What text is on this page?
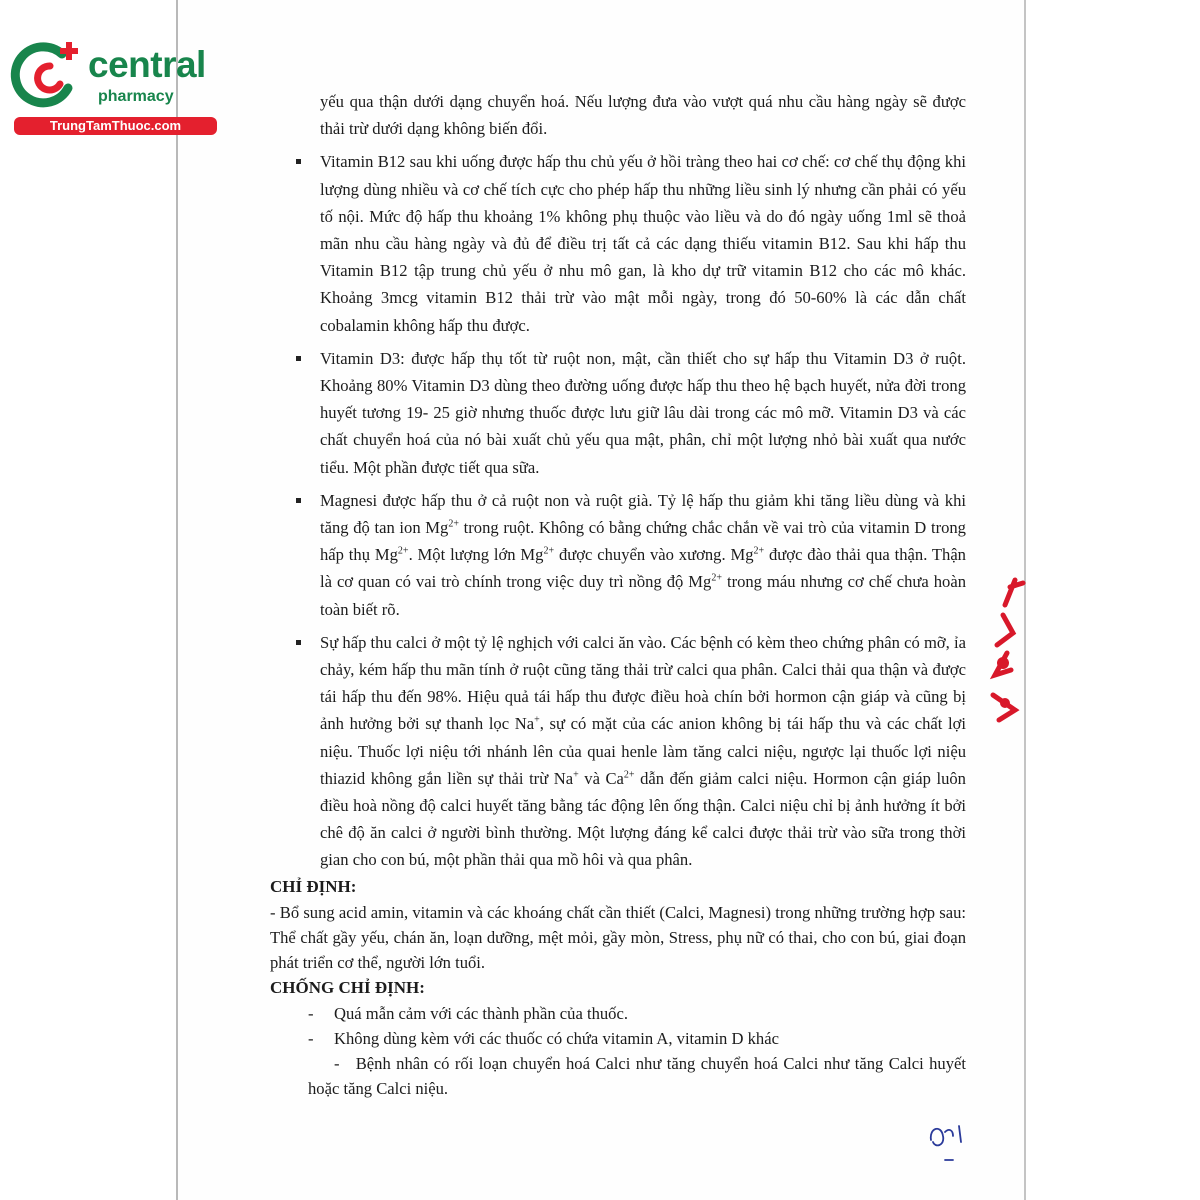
central
pharmacy
TrungTamThuoc.com

yếu qua thận dưới dạng chuyển hoá. Nếu lượng đưa vào vượt quá nhu cầu hàng ngày sẽ được thải trừ dưới dạng không biến đổi.

Vitamin B12 sau khi uống được hấp thu chủ yếu ở hồi tràng theo hai cơ chế: cơ chế thụ động khi lượng dùng nhiều và cơ chế tích cực cho phép hấp thu những liều sinh lý nhưng cần phải có yếu tố nội. Mức độ hấp thu khoảng 1% không phụ thuộc vào liều và do đó ngày uống 1ml sẽ thoả mãn nhu cầu hàng ngày và đủ để điều trị tất cả các dạng thiếu vitamin B12. Sau khi hấp thu Vitamin B12 tập trung chủ yếu ở nhu mô gan, là kho dự trữ vitamin B12 cho các mô khác. Khoảng 3mcg vitamin B12 thải trừ vào mật mỗi ngày, trong đó 50-60% là các dẫn chất cobalamin không hấp thu được.

Vitamin D3: được hấp thụ tốt từ ruột non, mật, cần thiết cho sự hấp thu Vitamin D3 ở ruột. Khoảng 80% Vitamin D3 dùng theo đường uống được hấp thu theo hệ bạch huyết, nửa đời trong huyết tương 19- 25 giờ nhưng thuốc được lưu giữ lâu dài trong các mô mỡ. Vitamin D3 và các chất chuyển hoá của nó bài xuất chủ yếu qua mật, phân, chỉ một lượng nhỏ bài xuất qua nước tiểu. Một phần được tiết qua sữa.

Magnesi được hấp thu ở cả ruột non và ruột già. Tỷ lệ hấp thu giảm khi tăng liều dùng và khi tăng độ tan ion $Mg^{2+}$ trong ruột. Không có bằng chứng chắc chắn về vai trò của vitamin D trong hấp thụ $Mg^{2+}$. Một lượng lớn $Mg^{2+}$ được chuyển vào xương. $Mg^{2+}$ được đào thải qua thận. Thận là cơ quan có vai trò chính trong việc duy trì nồng độ $Mg^{2+}$ trong máu nhưng cơ chế chưa hoàn toàn biết rõ.

Sự hấp thu calci ở một tỷ lệ nghịch với calci ăn vào. Các bệnh có kèm theo chứng phân có mỡ, ỉa chảy, kém hấp thu mãn tính ở ruột cũng tăng thải trừ calci qua phân. Calci thải qua thận và được tái hấp thu đến 98%. Hiệu quả tái hấp thu được điều hoà chín bởi hormon cận giáp và cũng bị ảnh hưởng bởi sự thanh lọc Na+, sự có mặt của các anion không bị tái hấp thu và các chất lợi niệu. Thuốc lợi niệu tới nhánh lên của quai henle làm tăng calci niệu, ngược lại thuốc lợi niệu thiazid không gắn liền sự thải trừ Na+ và $Ca^{2+}$ dẫn đến giảm calci niệu. Hormon cận giáp luôn điều hoà nồng độ calci huyết tăng bằng tác động lên ống thận. Calci niệu chỉ bị ảnh hưởng ít bởi chê độ ăn calci ở người bình thường. Một lượng đáng kể calci được thải trừ vào sữa trong thời gian cho con bú, một phần thải qua mồ hôi và qua phân.

CHỈ ĐỊNH:

- Bổ sung acid amin, vitamin và các khoáng chất cần thiết (Calci, Magnesi) trong những trường hợp sau: Thể chất gầy yếu, chán ăn, loạn dưỡng, mệt mỏi, gầy mòn, Stress, phụ nữ có thai, cho con bú, giai đoạn phát triển cơ thể, người lớn tuổi.

CHỐNG CHỈ ĐỊNH:

- Quá mẫn cảm với các thành phần của thuốc.

- Không dùng kèm với các thuốc có chứa vitamin A, vitamin D khác

- Bệnh nhân có rối loạn chuyển hoá Calci như tăng chuyển hoá Calci như tăng Calci huyết hoặc tăng Calci niệu.
